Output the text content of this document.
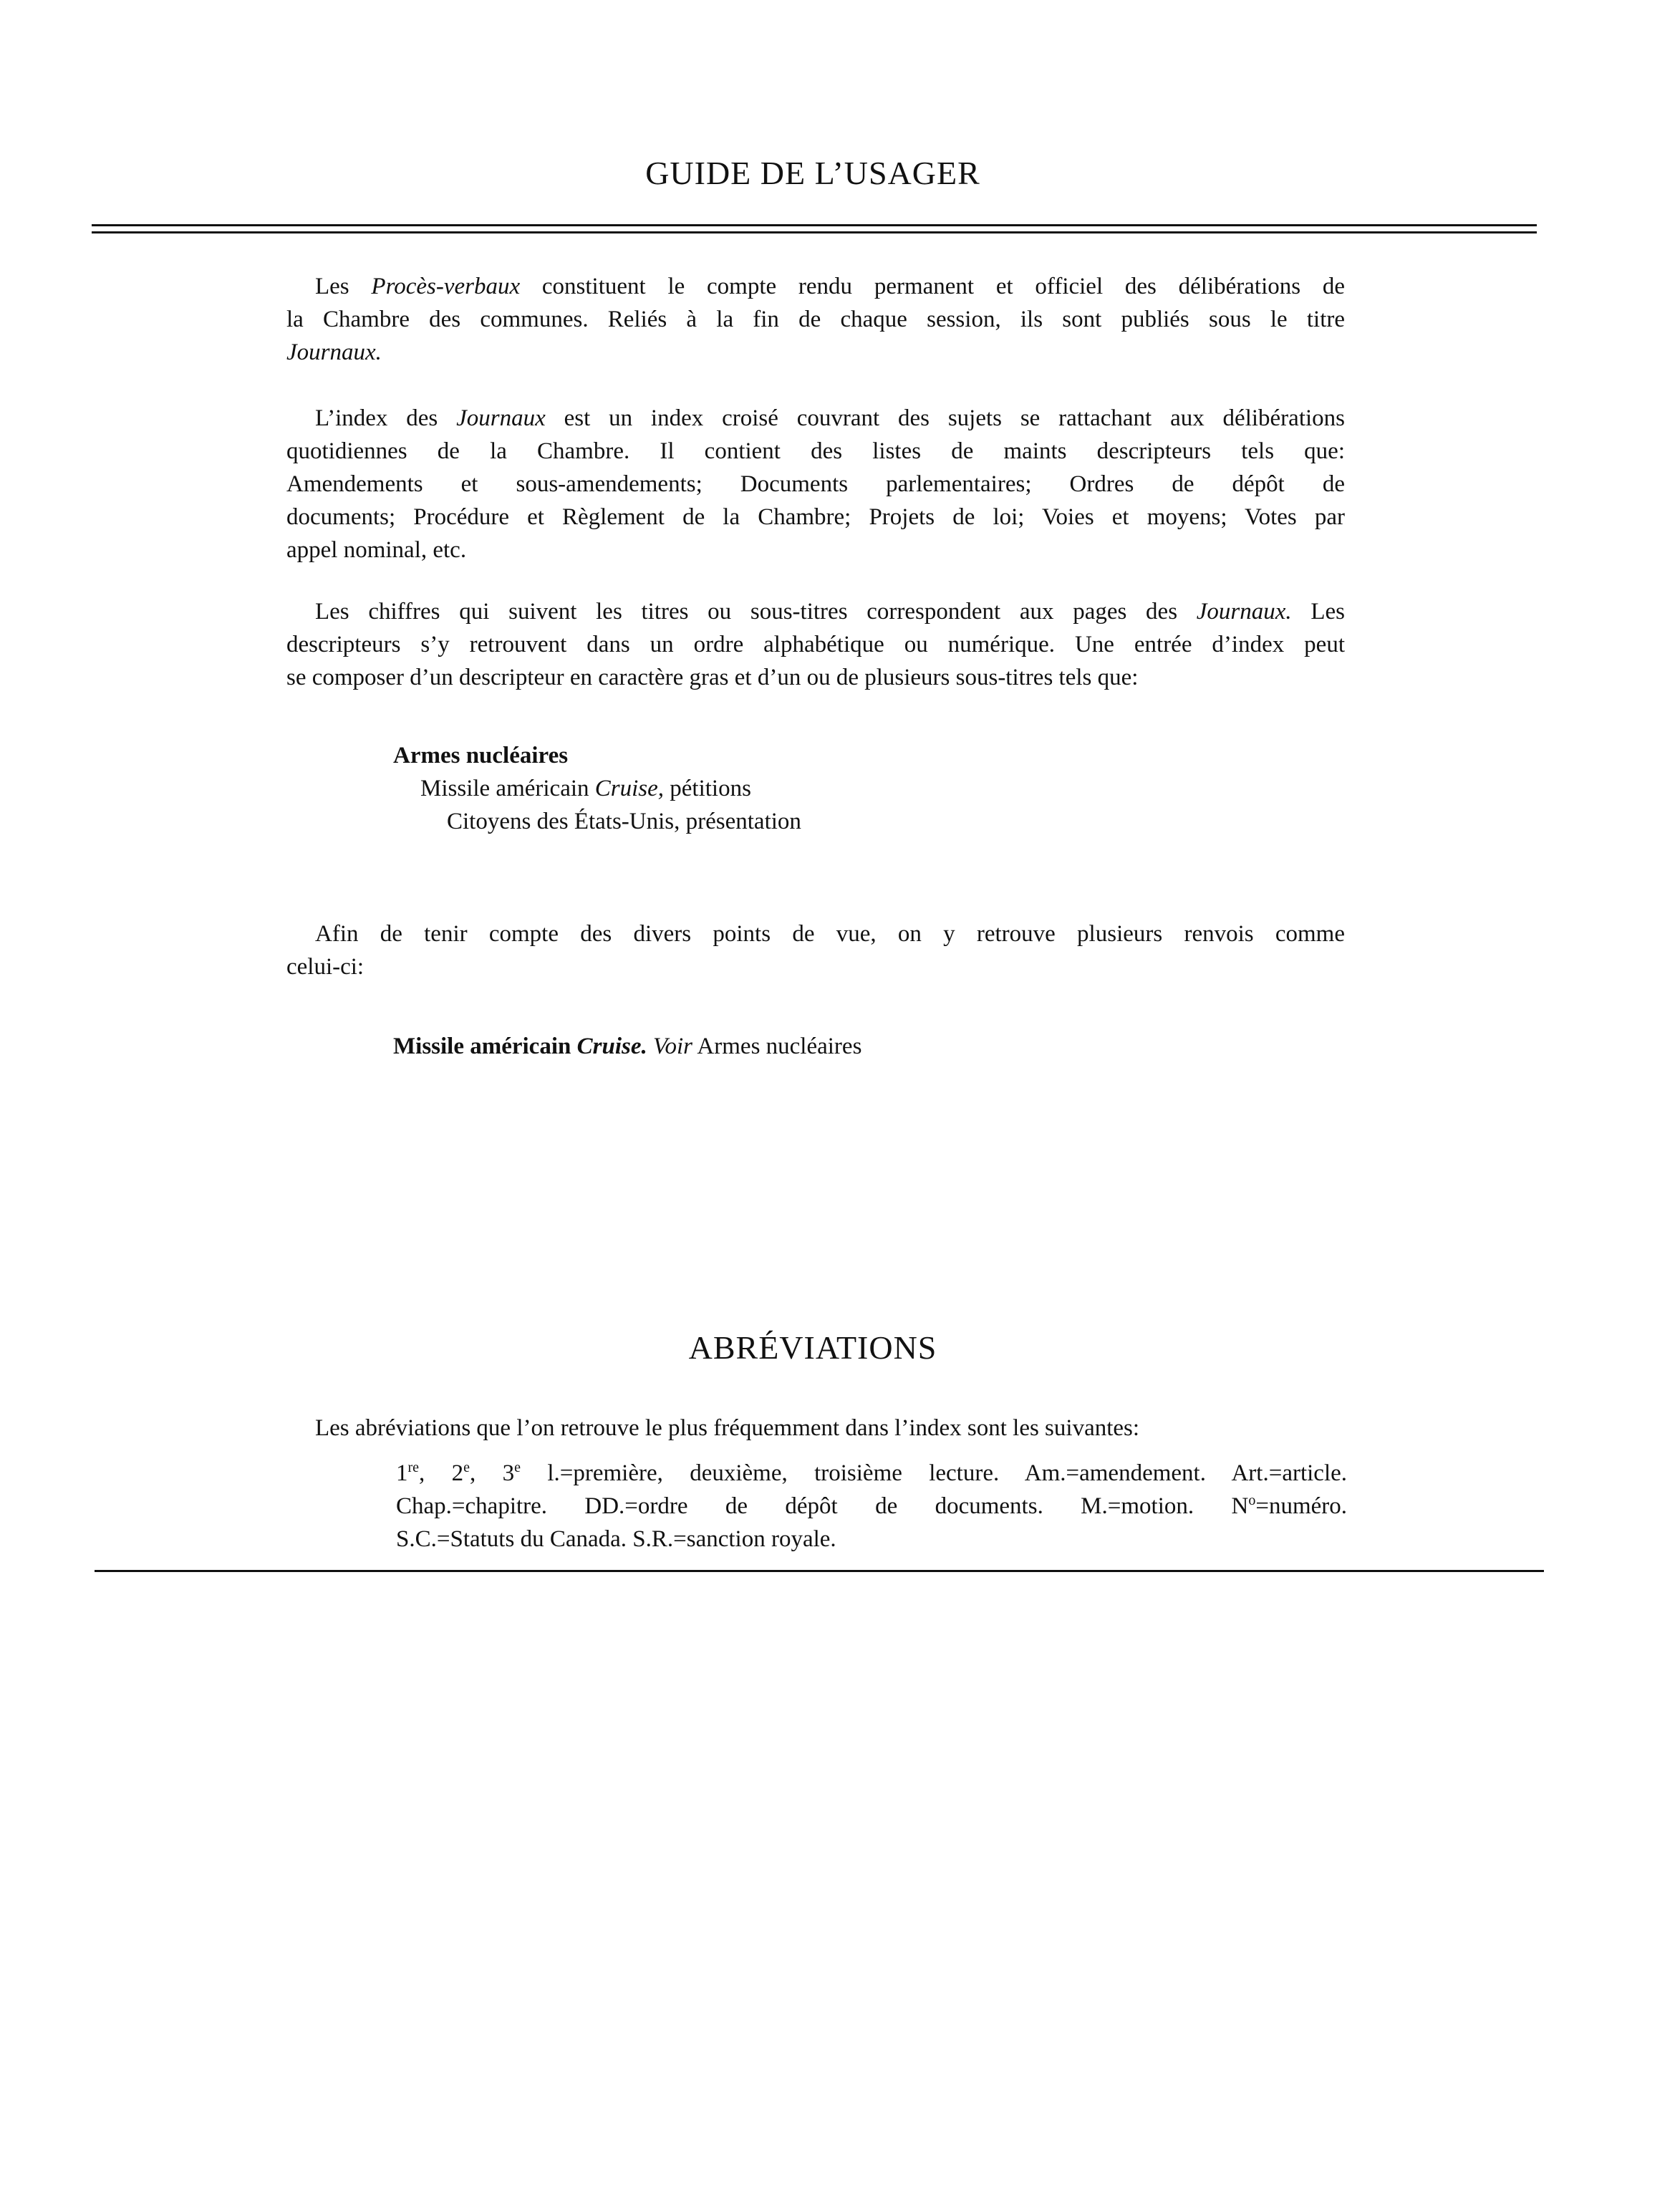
GUIDE DE L’USAGER
Les Procès-verbaux constituent le compte rendu permanent et officiel des délibérations de
la Chambre des communes. Reliés à la fin de chaque session, ils sont publiés sous le titre
Journaux.
L’index des Journaux est un index croisé couvrant des sujets se rattachant aux délibérations
quotidiennes de la Chambre. Il contient des listes de maints descripteurs tels que:
Amendements et sous-amendements; Documents parlementaires; Ordres de dépôt de
documents; Procédure et Règlement de la Chambre; Projets de loi; Voies et moyens; Votes par
appel nominal, etc.
Les chiffres qui suivent les titres ou sous-titres correspondent aux pages des Journaux. Les
descripteurs s’y retrouvent dans un ordre alphabétique ou numérique. Une entrée d’index peut
se composer d’un descripteur en caractère gras et d’un ou de plusieurs sous-titres tels que:
Armes nucléaires
Missile américain Cruise, pétitions
Citoyens des États-Unis, présentation
Afin de tenir compte des divers points de vue, on y retrouve plusieurs renvois comme
celui-ci:
Missile américain Cruise. Voir Armes nucléaires
ABRÉVIATIONS
Les abréviations que l’on retrouve le plus fréquemment dans l’index sont les suivantes:
1re, 2e, 3e l.=première, deuxième, troisième lecture. Am.=amendement. Art.=article.
Chap.=chapitre. DD.=ordre de dépôt de documents. M.=motion. $N^o=numéro$.
S.C.=Statuts du Canada. S.R.=sanction royale.
